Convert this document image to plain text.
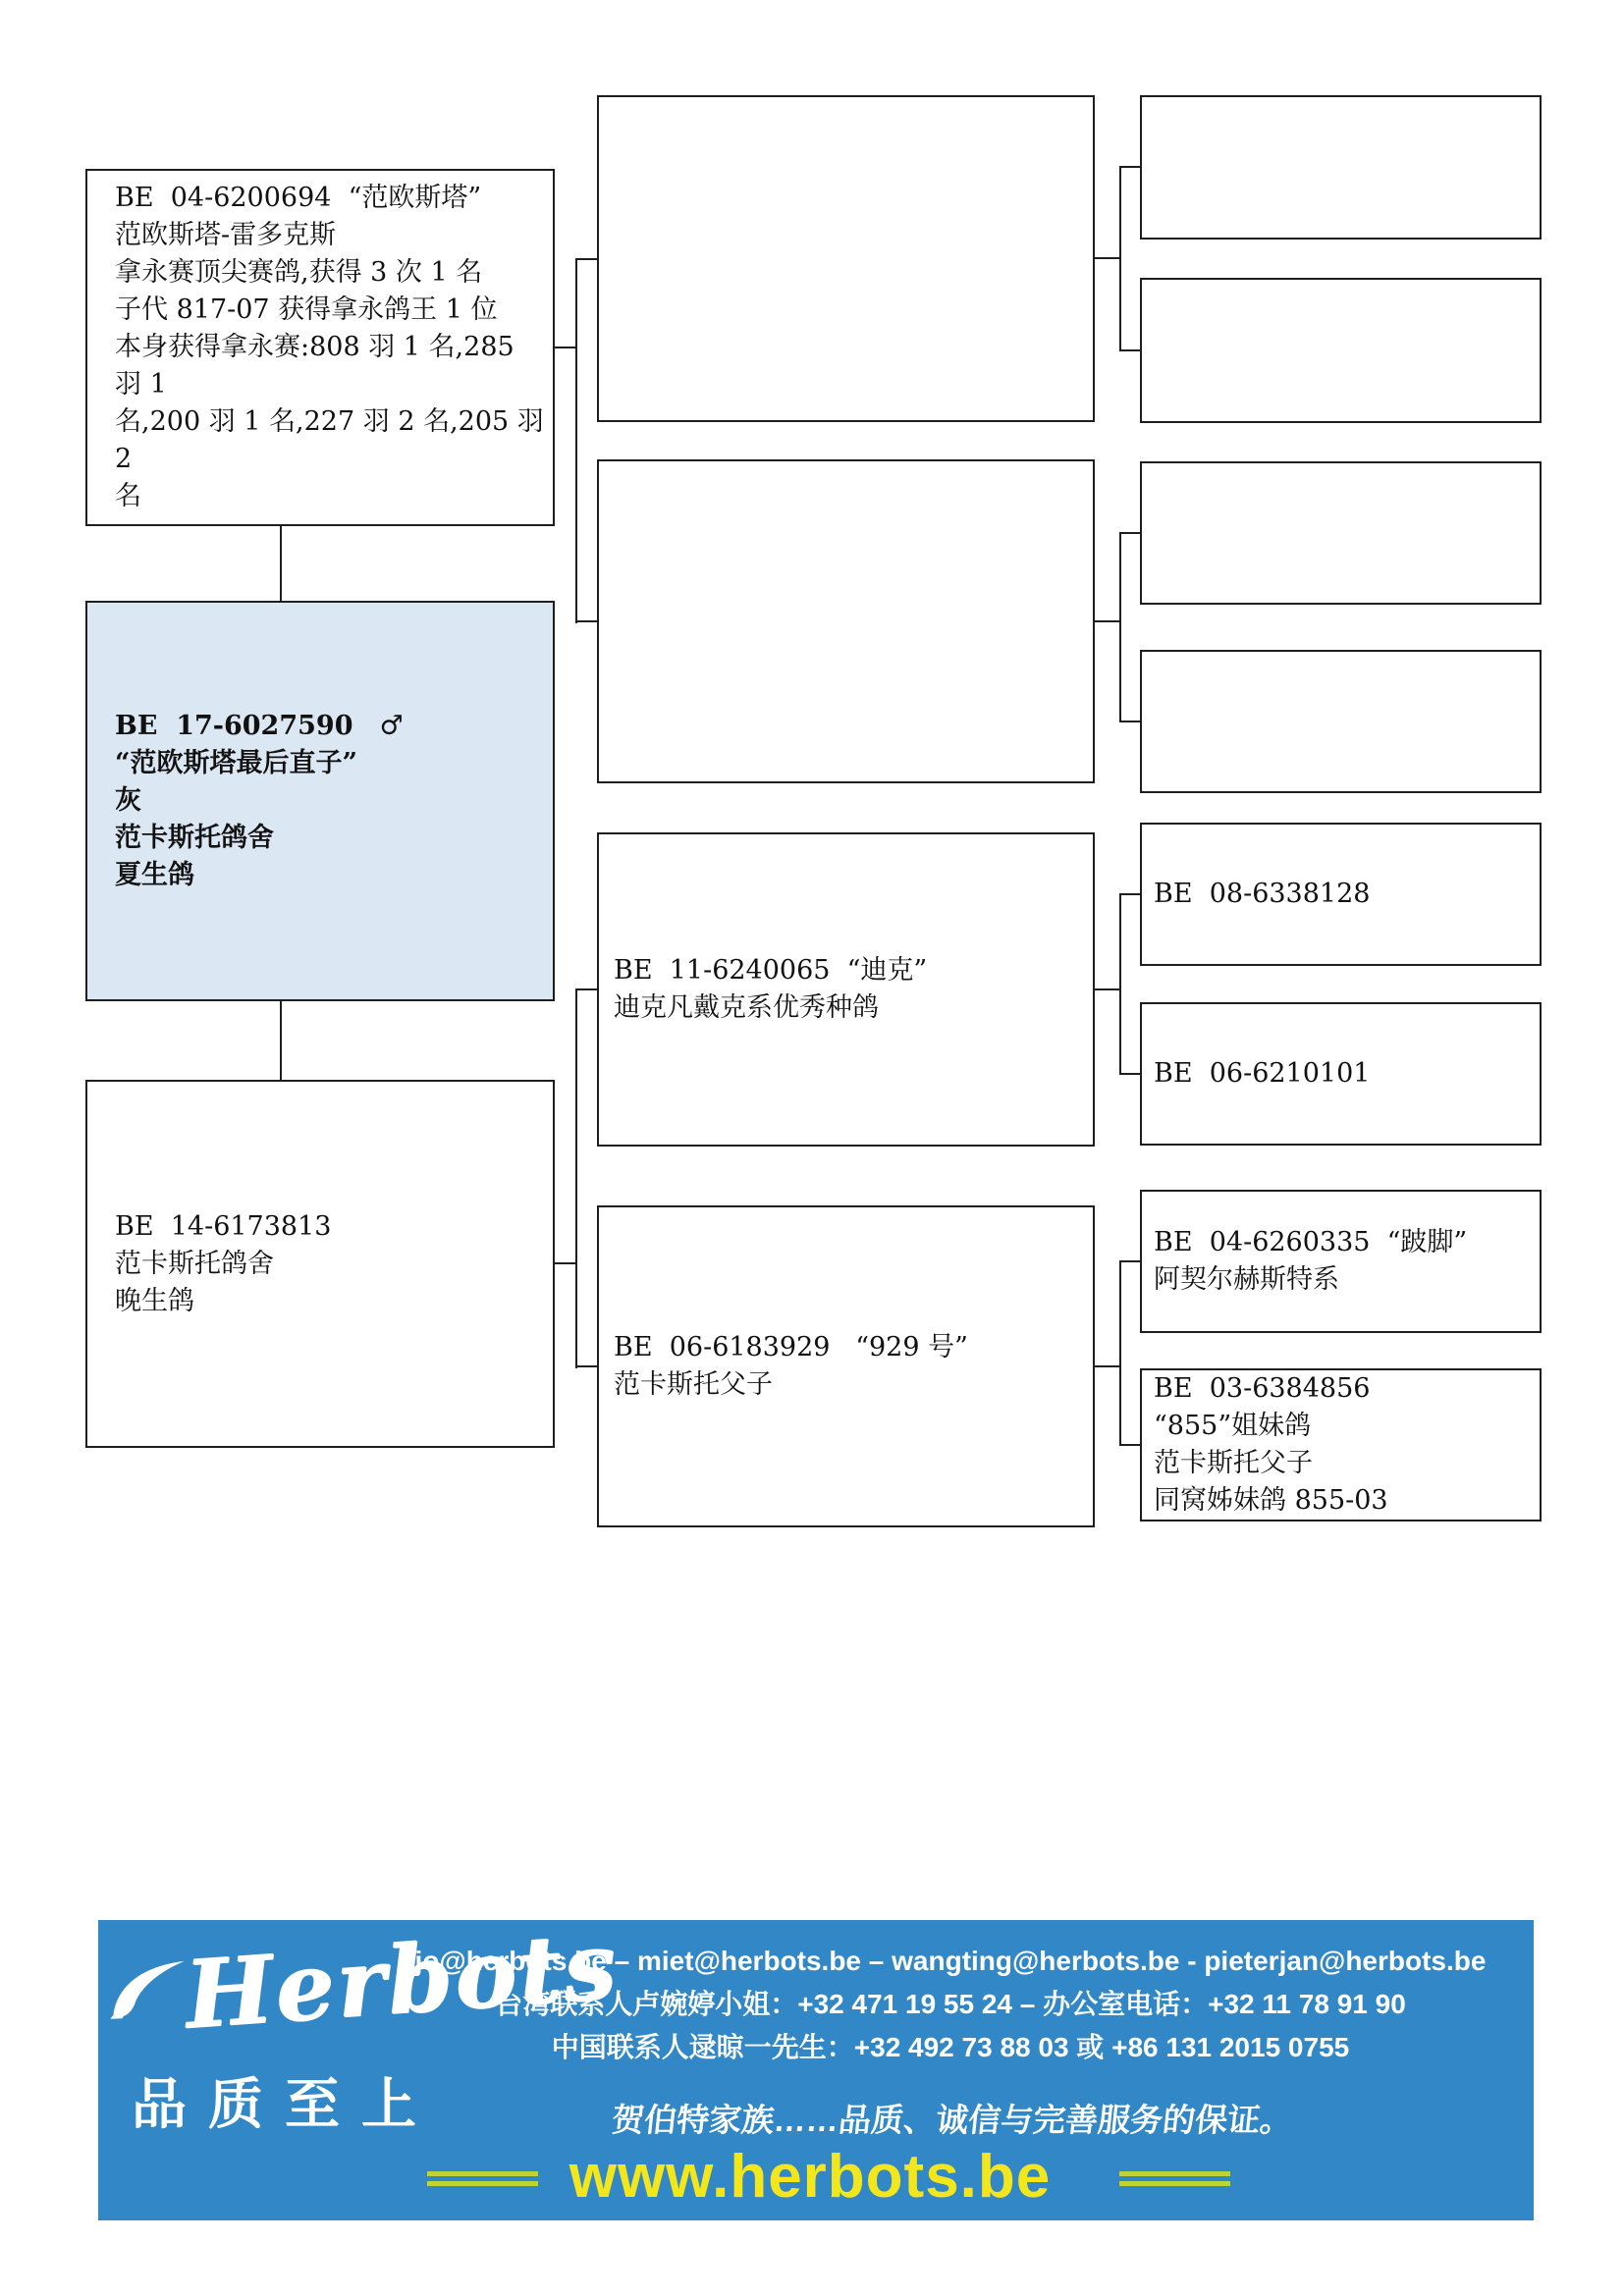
BE  04-6200694  “范欧斯塔”
范欧斯塔-雷多克斯
拿永赛顶尖赛鸽,获得 3 次 1 名
子代 817-07 获得拿永鸽王 1 位
本身获得拿永赛:808 羽 1 名,285 羽 1
名,200 羽 1 名,227 羽 2 名,205 羽 2
名
BE  17-6027590　♂
“范欧斯塔最后直子”
灰
范卡斯托鸽舍
夏生鸽
BE  14-6173813
范卡斯托鸽舍
晚生鸽
BE  11-6240065  “迪克”
迪克凡戴克系优秀种鸽
BE  06-6183929   “929 号”
范卡斯托父子
BE  08-6338128
BE  06-6210101
BE  04-6260335  “跛脚”
阿契尔赫斯特系
BE  03-6384856
“855”姐妹鸽
范卡斯托父子
同窝姊妹鸽 855-03
Herbots
品质至上
jo@herbots.be – miet@herbots.be – wangting@herbots.be - pieterjan@herbots.be
台湾联系人卢婉婷小姐：+32 471 19 55 24 – 办公室电话：+32 11 78 91 90
中国联系人逯晾一先生：+32 492 73 88 03 或 +86 131 2015 0755
贺伯特家族……品质、诚信与完善服务的保证。
www.herbots.be
